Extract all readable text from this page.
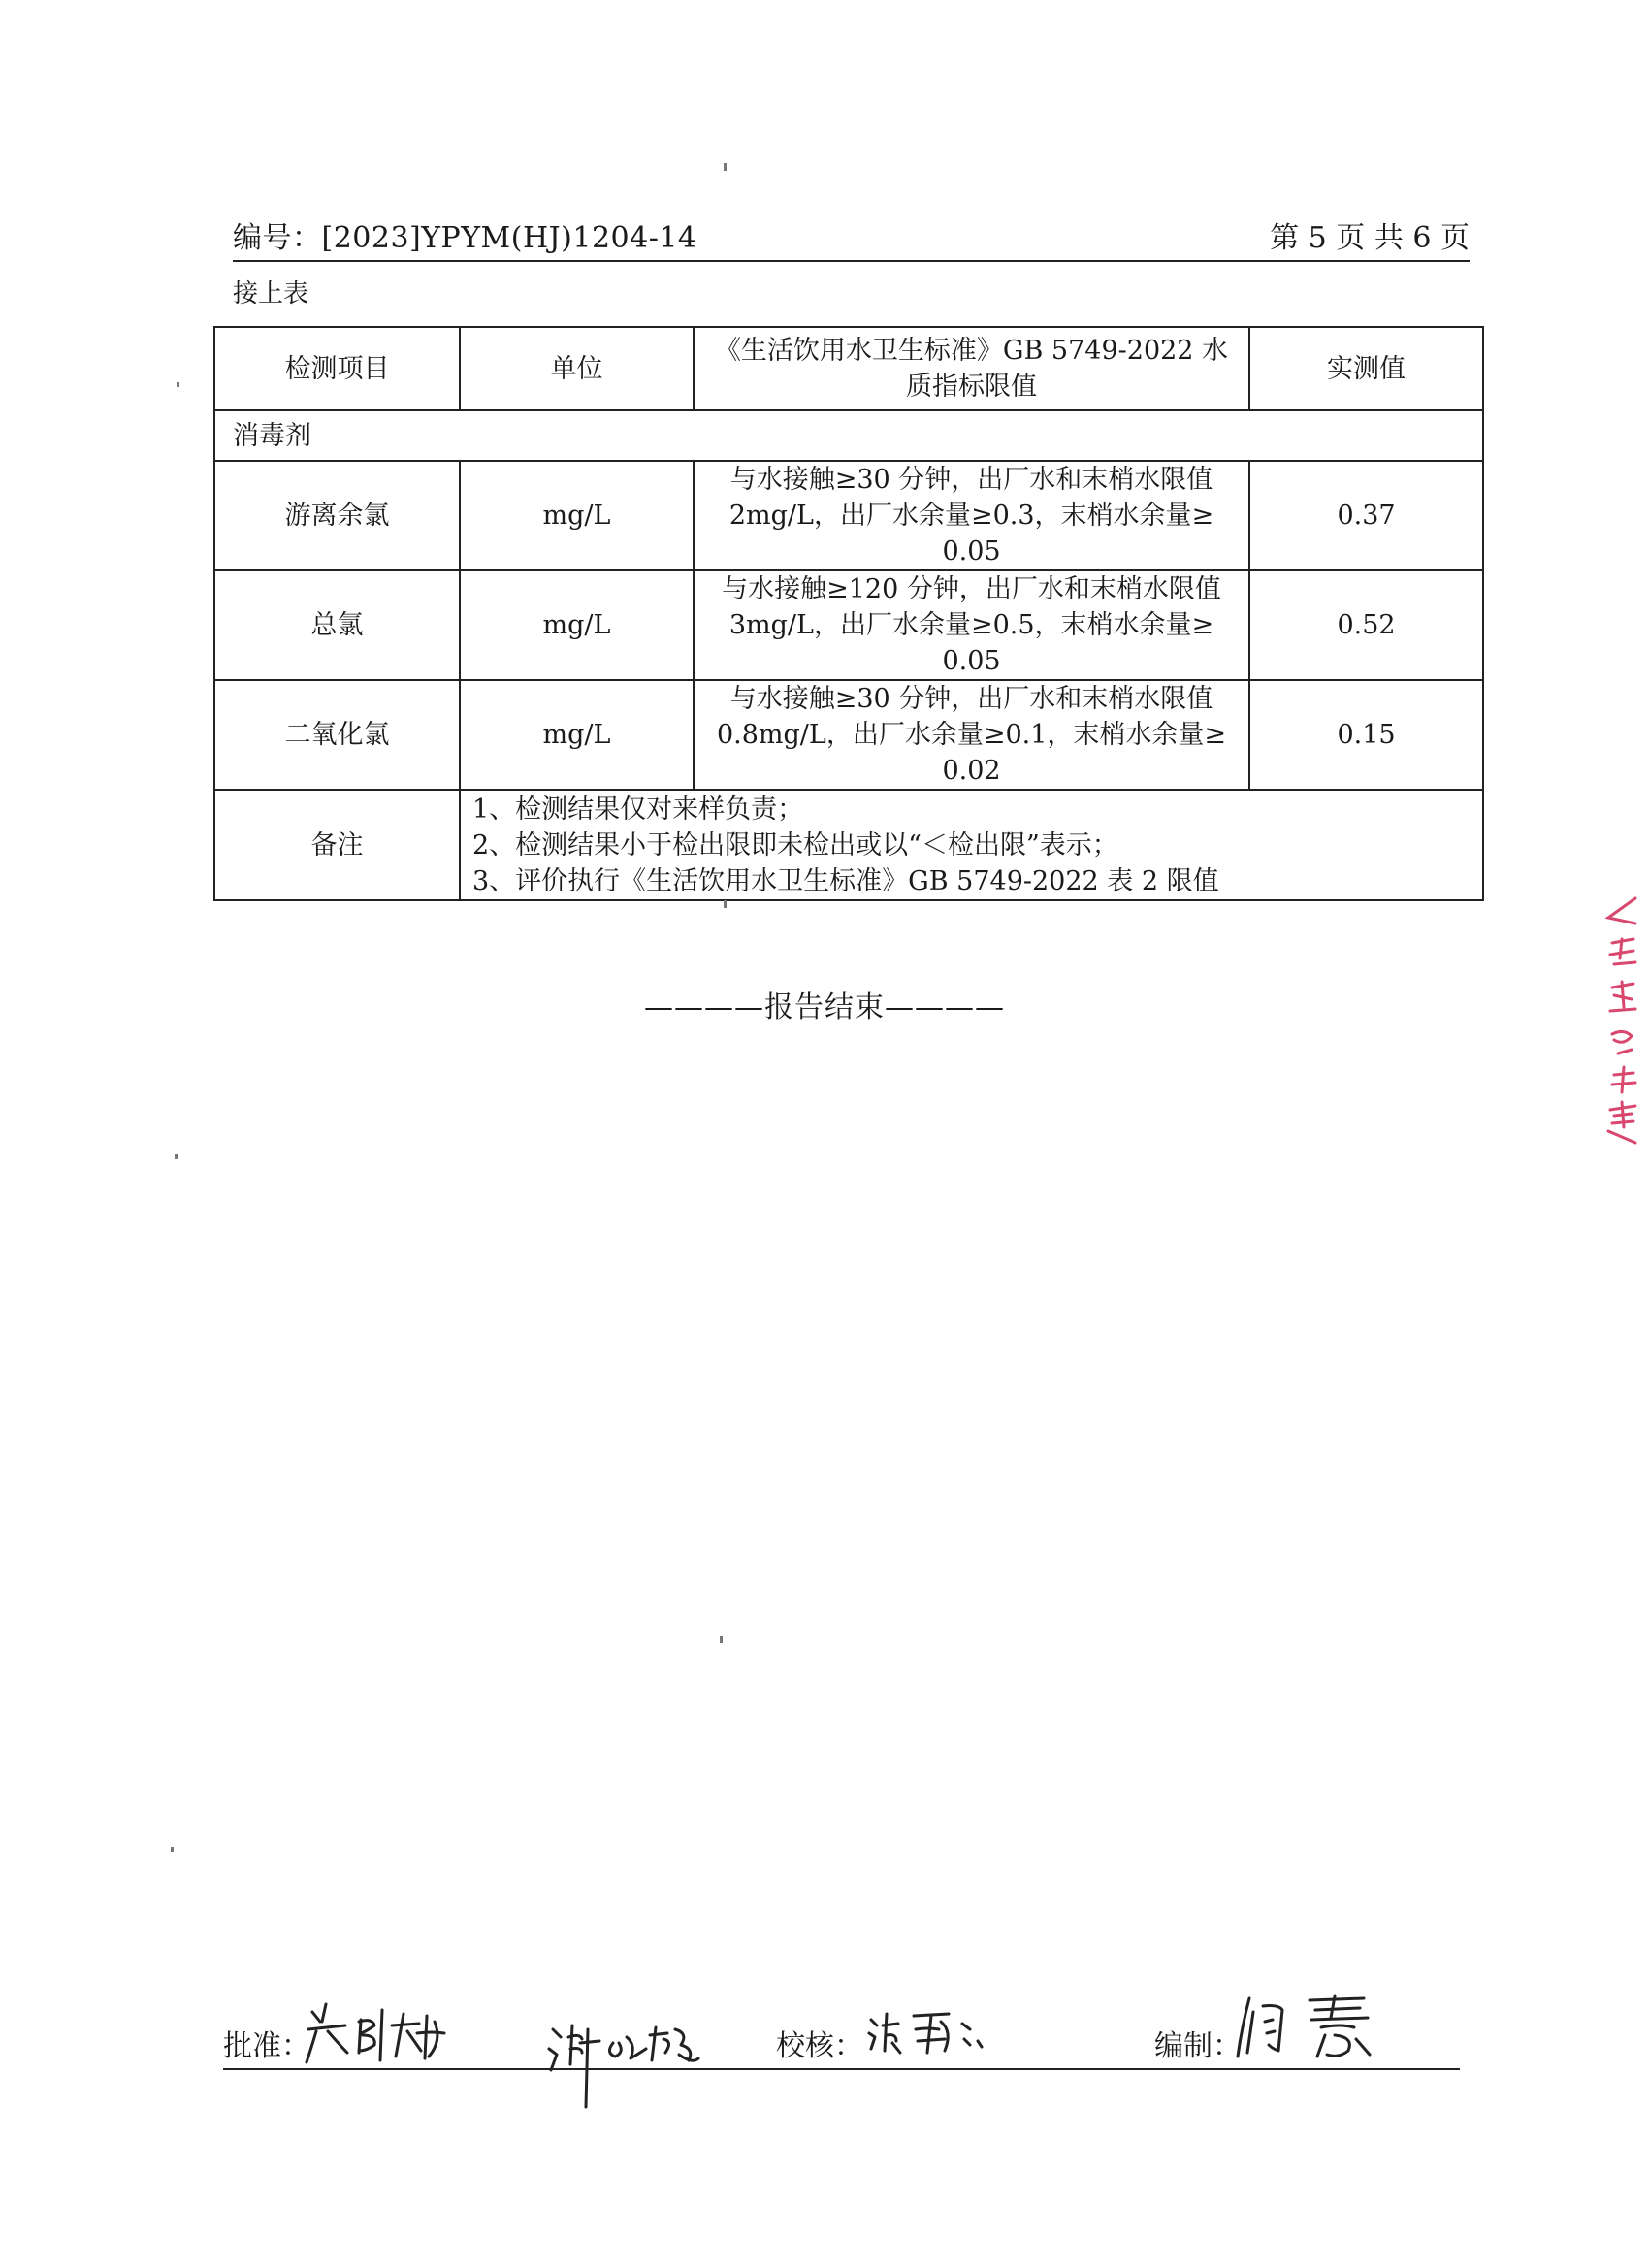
编号：[2023]YPYM(HJ)1204-14	第 5 页 共 6 页
接上表
检测项目	单位	《生活饮用水卫生标准》GB 5749-2022 水
质指标限值	实测值
消毒剂			
游离余氯	mg/L	与水接触≥30 分钟，出厂水和末梢水限值
2mg/L，出厂水余量≥0.3，末梢水余量≥
0.05	0.37
总氯	mg/L	与水接触≥120 分钟，出厂水和末梢水限值
3mg/L，出厂水余量≥0.5，末梢水余量≥
0.05	0.52
二氧化氯	mg/L	与水接触≥30 分钟，出厂水和末梢水限值
0.8mg/L，出厂水余量≥0.1，末梢水余量≥
0.02	0.15
备注	1、检测结果仅对来样负责；
2、检测结果小于检出限即未检出或以“＜检出限”表示；
3、评价执行《生活饮用水卫生标准》GB 5749-2022 表 2 限值		
————报告结束————
批准：	校核：	编制：
